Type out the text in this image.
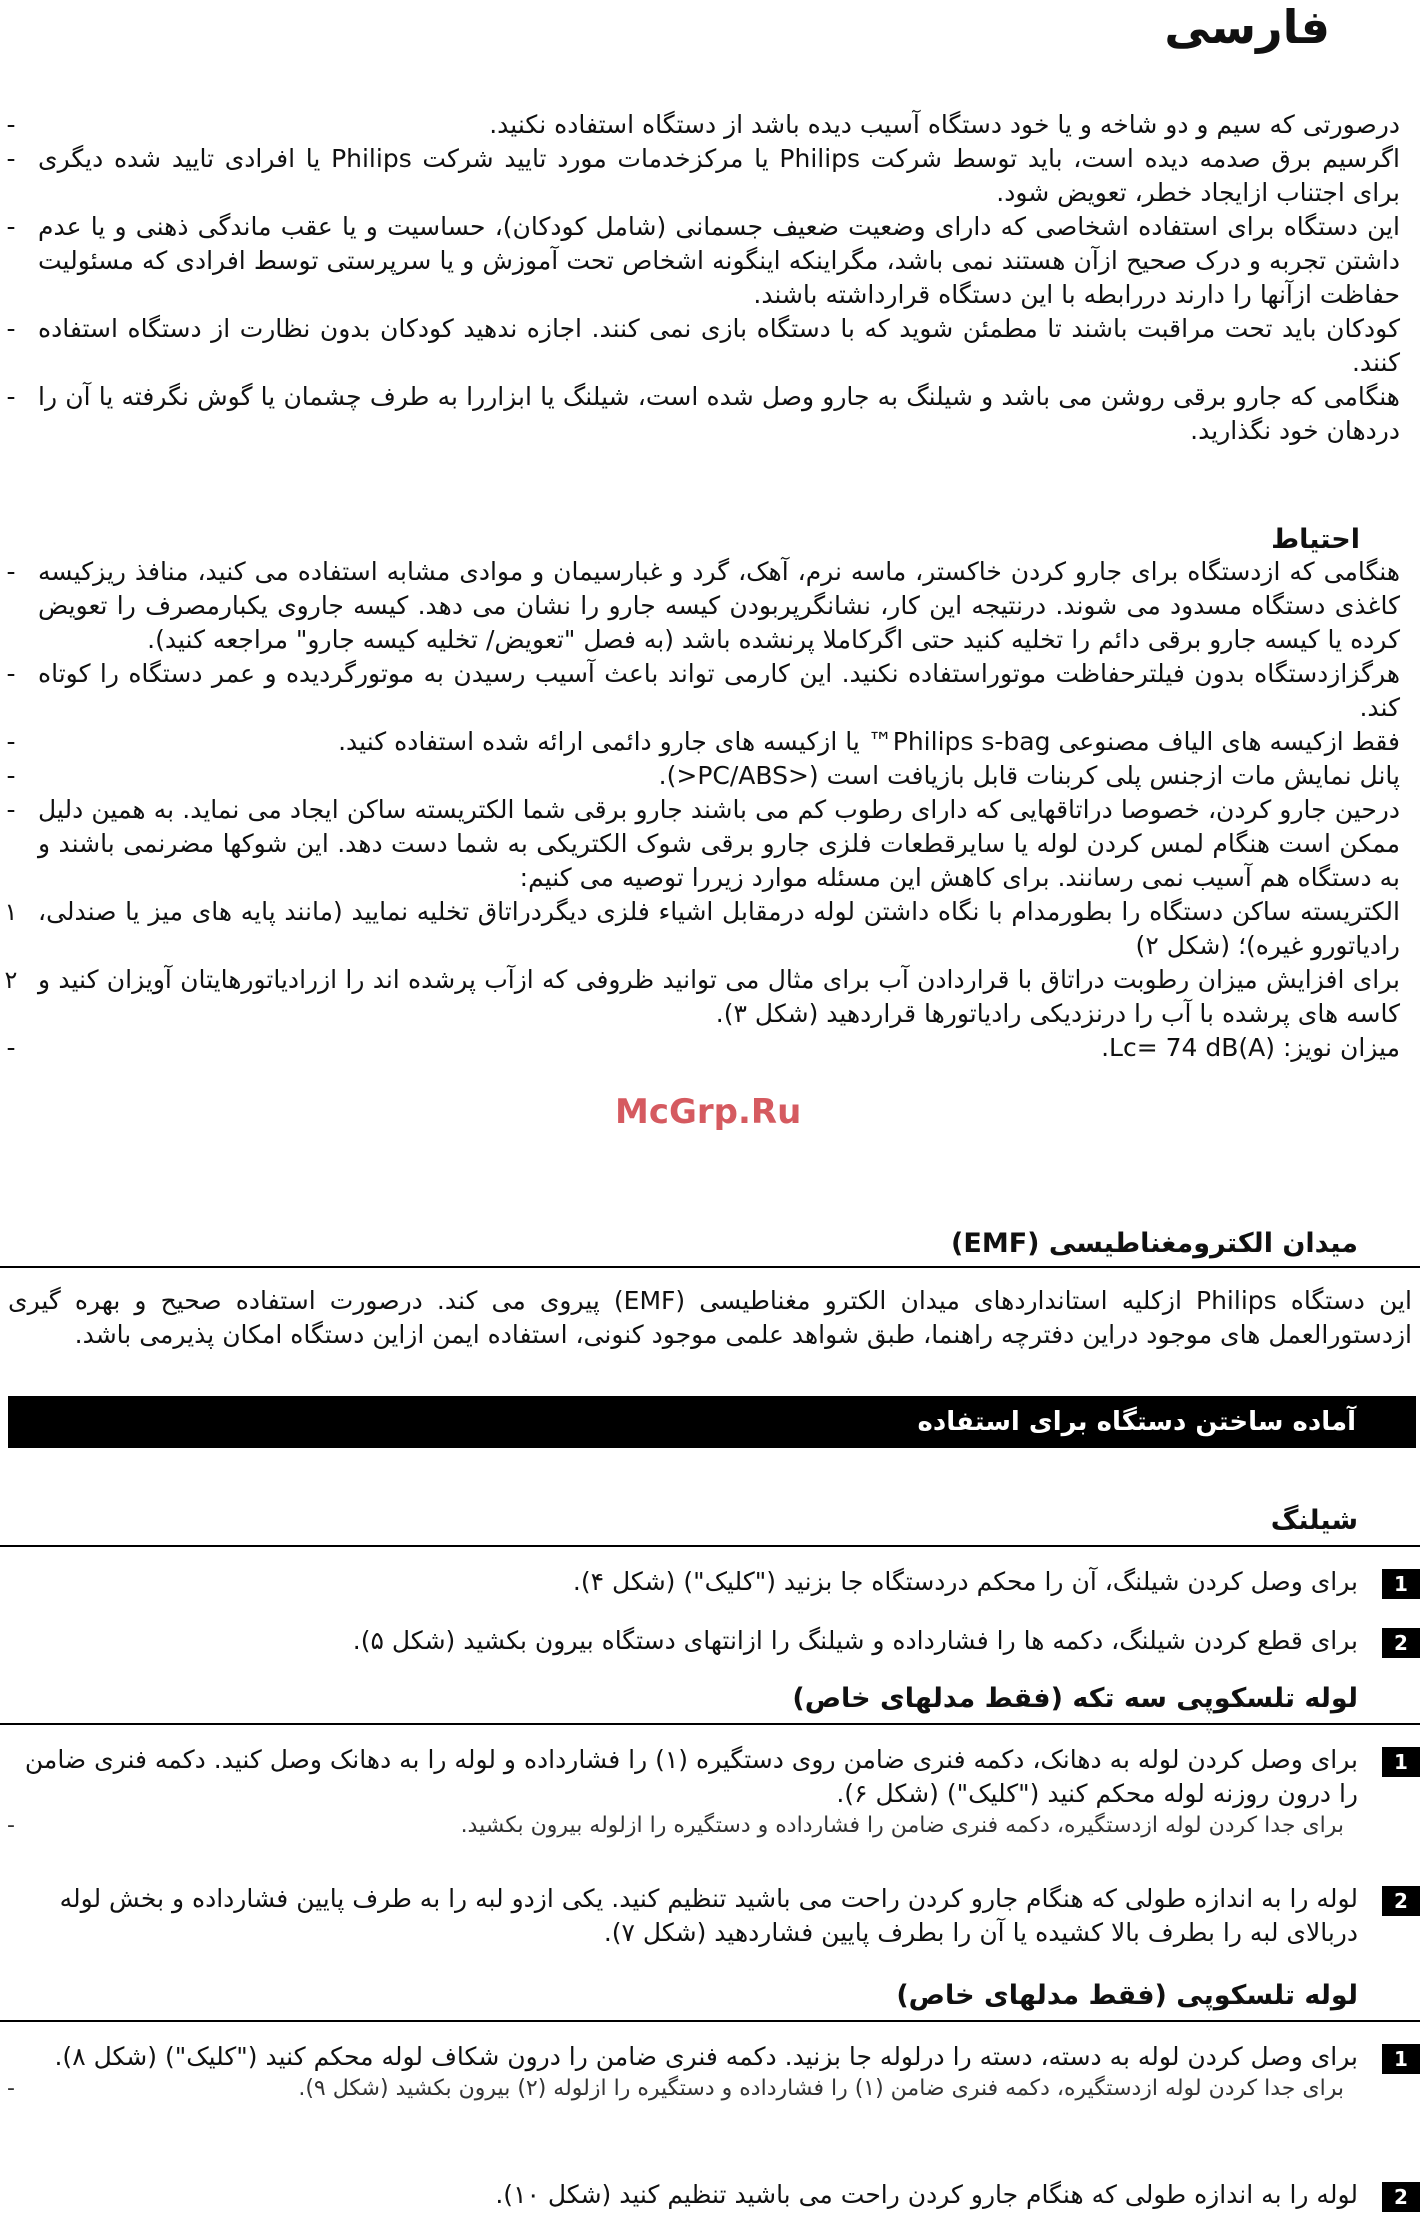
فارسی
-	درصورتی که سیم و دو شاخه و یا خود دستگاه آسیب دیده باشد از دستگاه استفاده نکنید.
- اگرسیم برق صدمه دیده است، باید توسط شرکت Philips یا مرکزخدمات مورد تایید شرکت Philips یا افرادی تایید شده دیگری برای اجتناب ازایجاد خطر، تعویض شود.
- این دستگاه برای استفاده اشخاصی که دارای وضعیت ضعیف جسمانی (شامل کودکان)، حساسیت و یا عقب ماندگی ذهنی و یا عدم داشتن تجربه و درک صحیح ازآن هستند نمی باشد، مگراینکه اینگونه اشخاص تحت آموزش و یا سرپرستی توسط افرادی که مسئولیت حفاظت ازآنها را دارند دررابطه با این دستگاه قرارداشته باشند.
- کودکان باید تحت مراقبت باشند تا مطمئن شوید که با دستگاه بازی نمی کنند. اجازه ندهید کودکان بدون نظارت از دستگاه استفاده کنند.
- هنگامی که جارو برقی روشن می باشد و شیلنگ به جارو وصل شده است، شیلنگ یا ابزاررا به طرف چشمان یا گوش نگرفته یا آن را دردهان خود نگذارید.

احتیاط

- هنگامی که ازدستگاه برای جارو کردن خاکستر، ماسه نرم، آهک، گرد و غبارسیمان و موادی مشابه استفاده می کنید، منافذ ریزکیسه کاغذی دستگاه مسدود می شوند. درنتیجه این کار، نشانگرپربودن کیسه جارو را نشان می دهد. کیسه جاروی یکبارمصرف را تعویض کرده یا کیسه جارو برقی دائم را تخلیه کنید حتی اگرکاملا پرنشده باشد (به فصل "تعویض/ تخلیه کیسه جارو" مراجعه کنید).
- هرگزازدستگاه بدون فیلترحفاظت موتوراستفاده نکنید. این کارمی تواند باعث آسیب رسیدن به موتورگردیده و عمر دستگاه را کوتاه کند.
-	فقط ازکیسه های الیاف مصنوعی Philips s-bag™ یا ازکیسه های جارو دائمی ارائه شده استفاده کنید.
-	پانل نمایش مات ازجنس پلی کربنات قابل بازیافت است (<PC/ABS<).
- درحین جارو کردن، خصوصا دراتاقهایی که دارای رطوب کم می باشند جارو برقی شما الکتریسته ساکن ایجاد می نماید. به همین دلیل ممکن است هنگام لمس کردن لوله یا سایرقطعات فلزی جارو برقی شوک الکتریکی به شما دست دهد. این شوکها مضرنمی باشند و به دستگاه هم آسیب نمی رسانند. برای کاهش این مسئله موارد زیررا توصیه می کنیم:
۱ الکتریسته ساکن دستگاه را بطورمدام با نگاه داشتن لوله درمقابل اشیاء فلزی دیگردراتاق تخلیه نمایید (مانند پایه های میز یا صندلی، رادیاتورو غیره)؛ (شکل ۲)
۲ برای افزایش میزان رطوبت دراتاق با قراردادن آب برای مثال می توانید ظروفی که ازآب پرشده اند را ازرادیاتورهایتان آویزان کنید و کاسه های پرشده با آب را درنزدیکی رادیاتورها قراردهید (شکل ۳).
-	میزان نویز: Lc= 74 dB(A).

میدان الکترومغناطیسی (EMF)

این دستگاه Philips ازکلیه استانداردهای میدان الکترو مغناطیسی (EMF) پیروی می کند. درصورت استفاده صحیح و بهره گیری ازدستورالعمل های موجود دراین دفترچه راهنما، طبق شواهد علمی موجود کنونی، استفاده ایمن ازاین دستگاه امکان پذیرمی باشد.

آماده ساختن دستگاه برای استفاده

شیلنگ

1
برای وصل کردن شیلنگ، آن را محکم دردستگاه جا بزنید ("کلیک") (شکل ۴).
2
برای قطع کردن شیلنگ، دکمه ها را فشارداده و شیلنگ را ازانتهای دستگاه بیرون بکشید (شکل ۵).

لوله تلسکوپی سه تکه (فقط مدلهای خاص)

1
برای وصل کردن لوله به دهانک، دکمه فنری ضامن روی دستگیره (۱) را فشارداده و لوله را به دهانک وصل کنید. دکمه فنری ضامن را درون روزنه لوله محکم کنید ("کلیک") (شکل ۶).
-	برای جدا کردن لوله ازدستگیره، دکمه فنری ضامن را فشارداده و دستگیره را ازلوله بیرون بکشید.
2
لوله را به اندازه طولی که هنگام جارو کردن راحت می باشید تنظیم کنید. یکی ازدو لبه را به طرف پایین فشارداده و بخش لوله دربالای لبه را بطرف بالا کشیده یا آن را بطرف پایین فشاردهید (شکل ۷).

لوله تلسکوپی (فقط مدلهای خاص)

1
برای وصل کردن لوله به دسته، دسته را درلوله جا بزنید. دکمه فنری ضامن را درون شکاف لوله محکم کنید ("کلیک") (شکل ۸).
-	برای جدا کردن لوله ازدستگیره، دکمه فنری ضامن (۱) را فشارداده و دستگیره را ازلوله (۲) بیرون بکشید (شکل ۹).
2
لوله را به اندازه طولی که هنگام جارو کردن راحت می باشید تنظیم کنید (شکل ۱۰).
McGrp.Ru
